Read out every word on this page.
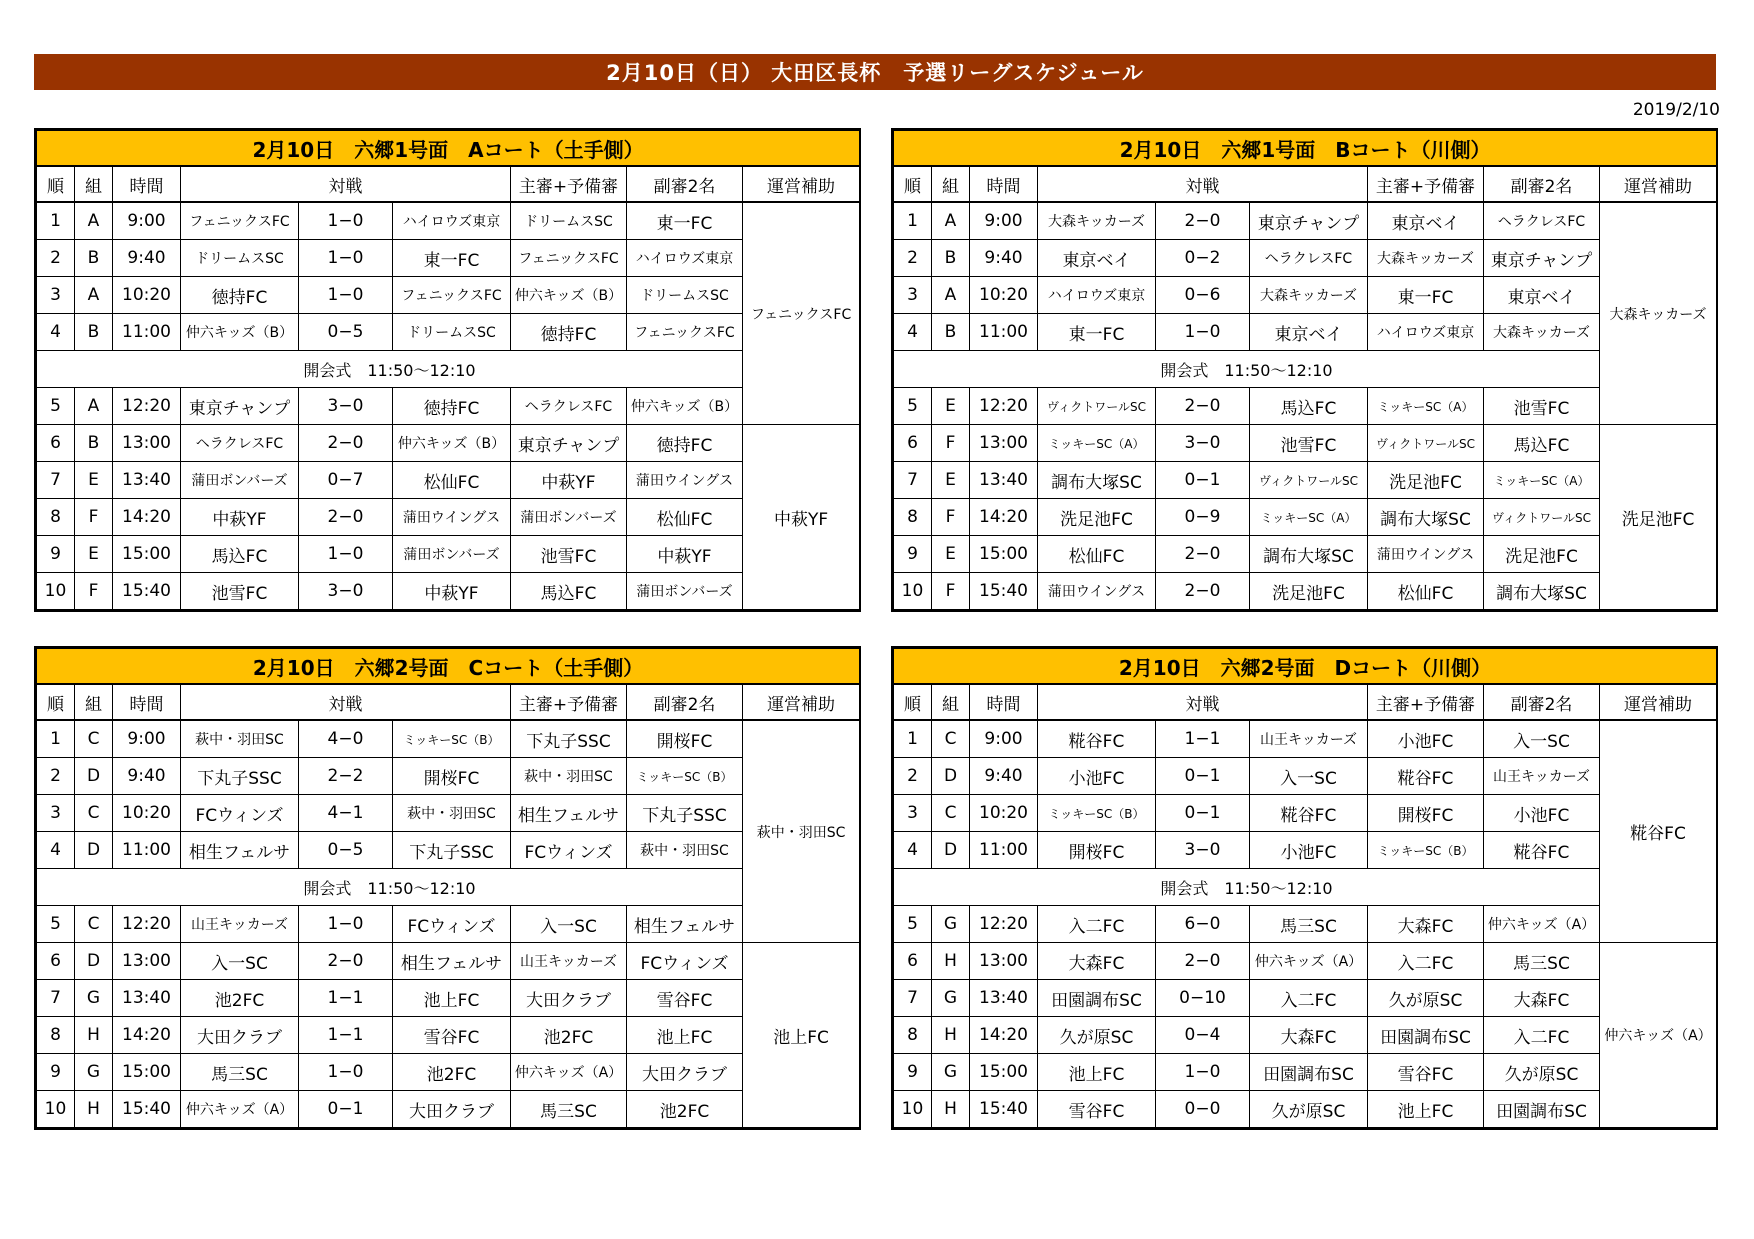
2月10日（日） 大田区長杯　予選リーグスケジュール
2019/2/10
2月10日　六郷1号面　Aコート（土手側）								
順	組	時間	対戦			主審+予備審	副審2名	運営補助
1	A	9:00	フェニックスFC	1−0	ハイロウズ東京	ドリームスSC	東一FC	フェニックスFC
2	B	9:40	ドリームスSC	1−0	東一FC	フェニックスFC	ハイロウズ東京	
3	A	10:20	徳持FC	1−0	フェニックスFC	仲六キッズ（B）	ドリームスSC	
4	B	11:00	仲六キッズ（B）	0−5	ドリームスSC	徳持FC	フェニックスFC	
開会式　11:50～12:10								
5	A	12:20	東京チャンプ	3−0	徳持FC	ヘラクレスFC	仲六キッズ（B）	
6	B	13:00	ヘラクレスFC	2−0	仲六キッズ（B）	東京チャンプ	徳持FC	中萩YF
7	E	13:40	蒲田ボンバーズ	0−7	松仙FC	中萩YF	蒲田ウイングス	
8	F	14:20	中萩YF	2−0	蒲田ウイングス	蒲田ボンバーズ	松仙FC	
9	E	15:00	馬込FC	1−0	蒲田ボンバーズ	池雪FC	中萩YF	
10	F	15:40	池雪FC	3−0	中萩YF	馬込FC	蒲田ボンバーズ	
2月10日　六郷1号面　Bコート（川側）								
順	組	時間	対戦			主審+予備審	副審2名	運営補助
1	A	9:00	大森キッカーズ	2−0	東京チャンプ	東京ベイ	ヘラクレスFC	大森キッカーズ
2	B	9:40	東京ベイ	0−2	ヘラクレスFC	大森キッカーズ	東京チャンプ	
3	A	10:20	ハイロウズ東京	0−6	大森キッカーズ	東一FC	東京ベイ	
4	B	11:00	東一FC	1−0	東京ベイ	ハイロウズ東京	大森キッカーズ	
開会式　11:50～12:10								
5	E	12:20	ヴィクトワールSC	2−0	馬込FC	ミッキーSC（A）	池雪FC	
6	F	13:00	ミッキーSC（A）	3−0	池雪FC	ヴィクトワールSC	馬込FC	洗足池FC
7	E	13:40	調布大塚SC	0−1	ヴィクトワールSC	洗足池FC	ミッキーSC（A）	
8	F	14:20	洗足池FC	0−9	ミッキーSC（A）	調布大塚SC	ヴィクトワールSC	
9	E	15:00	松仙FC	2−0	調布大塚SC	蒲田ウイングス	洗足池FC	
10	F	15:40	蒲田ウイングス	2−0	洗足池FC	松仙FC	調布大塚SC	
2月10日　六郷2号面　Cコート（土手側）								
順	組	時間	対戦			主審+予備審	副審2名	運営補助
1	C	9:00	萩中・羽田SC	4−0	ミッキーSC（B）	下丸子SSC	開桜FC	萩中・羽田SC
2	D	9:40	下丸子SSC	2−2	開桜FC	萩中・羽田SC	ミッキーSC（B）	
3	C	10:20	FCウィンズ	4−1	萩中・羽田SC	相生フェルサ	下丸子SSC	
4	D	11:00	相生フェルサ	0−5	下丸子SSC	FCウィンズ	萩中・羽田SC	
開会式　11:50～12:10								
5	C	12:20	山王キッカーズ	1−0	FCウィンズ	入一SC	相生フェルサ	
6	D	13:00	入一SC	2−0	相生フェルサ	山王キッカーズ	FCウィンズ	池上FC
7	G	13:40	池2FC	1−1	池上FC	大田クラブ	雪谷FC	
8	H	14:20	大田クラブ	1−1	雪谷FC	池2FC	池上FC	
9	G	15:00	馬三SC	1−0	池2FC	仲六キッズ（A）	大田クラブ	
10	H	15:40	仲六キッズ（A）	0−1	大田クラブ	馬三SC	池2FC	
2月10日　六郷2号面　Dコート（川側）								
順	組	時間	対戦			主審+予備審	副審2名	運営補助
1	C	9:00	糀谷FC	1−1	山王キッカーズ	小池FC	入一SC	糀谷FC
2	D	9:40	小池FC	0−1	入一SC	糀谷FC	山王キッカーズ	
3	C	10:20	ミッキーSC（B）	0−1	糀谷FC	開桜FC	小池FC	
4	D	11:00	開桜FC	3−0	小池FC	ミッキーSC（B）	糀谷FC	
開会式　11:50～12:10								
5	G	12:20	入二FC	6−0	馬三SC	大森FC	仲六キッズ（A）	
6	H	13:00	大森FC	2−0	仲六キッズ（A）	入二FC	馬三SC	仲六キッズ（A）
7	G	13:40	田園調布SC	0−10	入二FC	久が原SC	大森FC	
8	H	14:20	久が原SC	0−4	大森FC	田園調布SC	入二FC	
9	G	15:00	池上FC	1−0	田園調布SC	雪谷FC	久が原SC	
10	H	15:40	雪谷FC	0−0	久が原SC	池上FC	田園調布SC	
